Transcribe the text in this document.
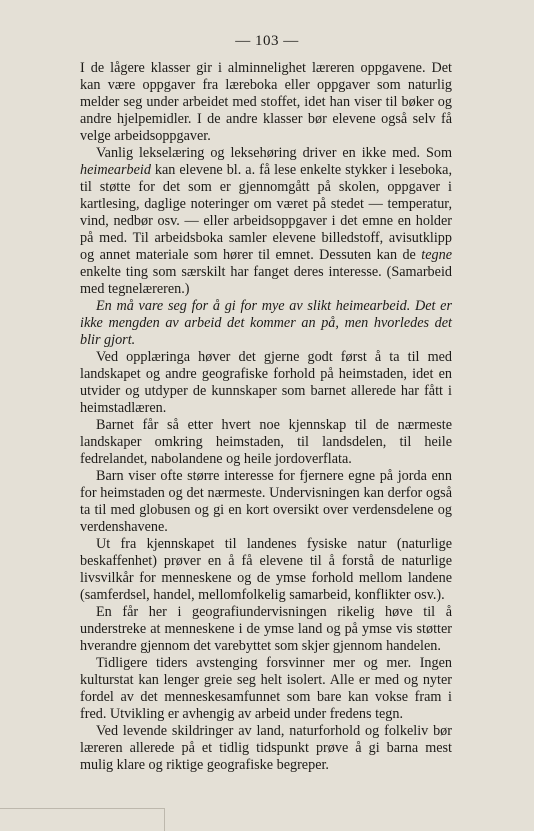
— 103 —

I de lågere klasser gir i alminnelighet læreren oppgavene. Det kan være oppgaver fra læreboka eller oppgaver som naturlig melder seg under arbeidet med stoffet, idet han viser til bøker og andre hjelpemidler. I de andre klasser bør elevene også selv få velge arbeidsoppgaver.

Vanlig lekselæring og leksehøring driver en ikke med. Som heimearbeid kan elevene bl. a. få lese enkelte stykker i leseboka, til støtte for det som er gjennomgått på skolen, oppgaver i kartlesing, daglige noteringer om været på stedet — temperatur, vind, nedbør osv. — eller arbeidsoppgaver i det emne en holder på med. Til arbeidsboka samler elevene billedstoff, avisutklipp og annet materiale som hører til emnet. Dessuten kan de tegne enkelte ting som særskilt har fanget deres interesse. (Samarbeid med tegnelæreren.)

En må vare seg for å gi for mye av slikt heimearbeid. Det er ikke mengden av arbeid det kommer an på, men hvorledes det blir gjort.

Ved opplæringa høver det gjerne godt først å ta til med landskapet og andre geografiske forhold på heimstaden, idet en utvider og utdyper de kunnskaper som barnet allerede har fått i heimstadlæren.

Barnet får så etter hvert noe kjennskap til de nærmeste landskaper omkring heimstaden, til landsdelen, til heile fedrelandet, nabolandene og heile jordoverflata.

Barn viser ofte større interesse for fjernere egne på jorda enn for heimstaden og det nærmeste. Undervisningen kan derfor også ta til med globusen og gi en kort oversikt over verdensdelene og verdenshavene.

Ut fra kjennskapet til landenes fysiske natur (naturlige beskaffenhet) prøver en å få elevene til å forstå de naturlige livsvilkår for menneskene og de ymse forhold mellom landene (samferdsel, handel, mellomfolkelig samarbeid, konflikter osv.).

En får her i geografiundervisningen rikelig høve til å understreke at menneskene i de ymse land og på ymse vis støtter hverandre gjennom det varebyttet som skjer gjennom handelen.

Tidligere tiders avstenging forsvinner mer og mer. Ingen kulturstat kan lenger greie seg helt isolert. Alle er med og nyter fordel av det menneskesamfunnet som bare kan vokse fram i fred. Utvikling er avhengig av arbeid under fredens tegn.

Ved levende skildringer av land, naturforhold og folkeliv bør læreren allerede på et tidlig tidspunkt prøve å gi barna mest mulig klare og riktige geografiske begreper.
